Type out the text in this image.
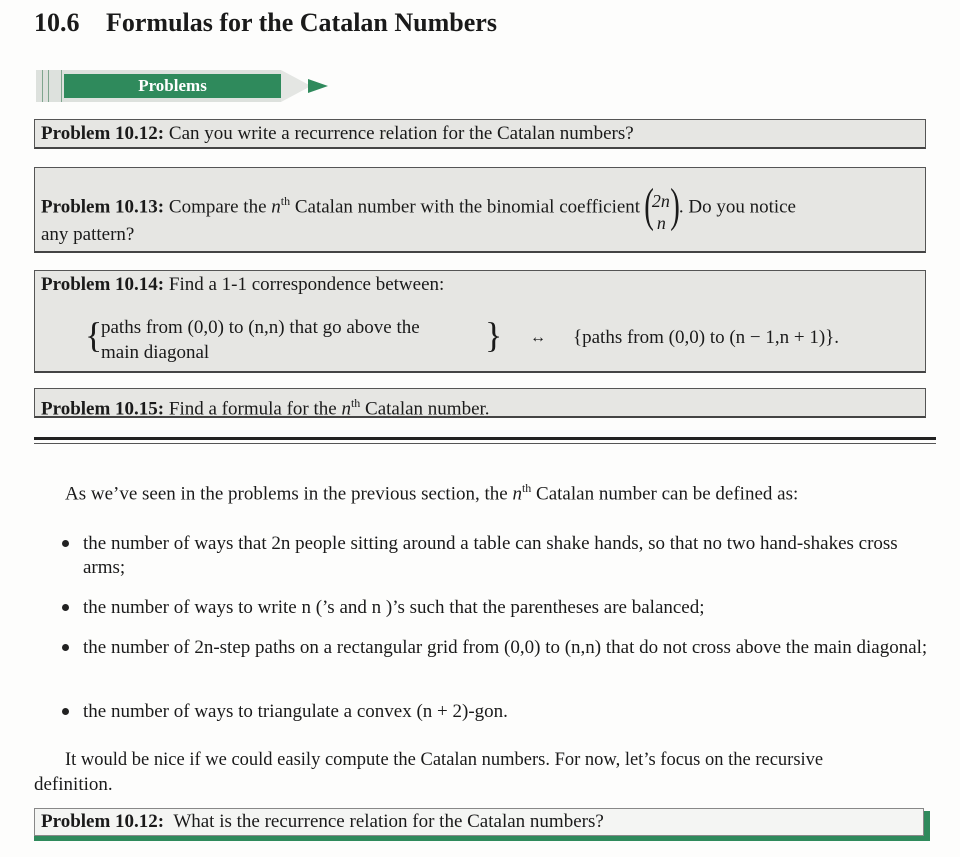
10.6 Formulas for the Catalan Numbers
Problems
Problem 10.12: Can you write a recurrence relation for the Catalan numbers?
Problem 10.13: Compare the $n^{th}$ Catalan number with the binomial coefficient (
2n
n ) . Do you notice
any pattern?
Problem 10.14: Find a 1-1 correspondence between:
{
paths from (0,0) to (n,n) that go above the
main diagonal	} ↔ {paths from (0,0) to (n − 1,n + 1)}.
Problem 10.15: Find a formula for the $n^{th}$ Catalan number.
As we’ve seen in the problems in the previous section, the $n^{th}$ Catalan number can be defined as:
the number of ways that 2n people sitting around a table can shake hands, so that no two hand-shakes cross arms;
the number of ways to write n (’s and n )’s such that the parentheses are balanced;
the number of 2n-step paths on a rectangular grid from (0,0) to (n,n) that do not cross above the main diagonal;
the number of ways to triangulate a convex (n + 2)-gon.
It would be nice if we could easily compute the Catalan numbers. For now, let’s focus on the recursive
definition.
Problem 10.12: What is the recurrence relation for the Catalan numbers?
